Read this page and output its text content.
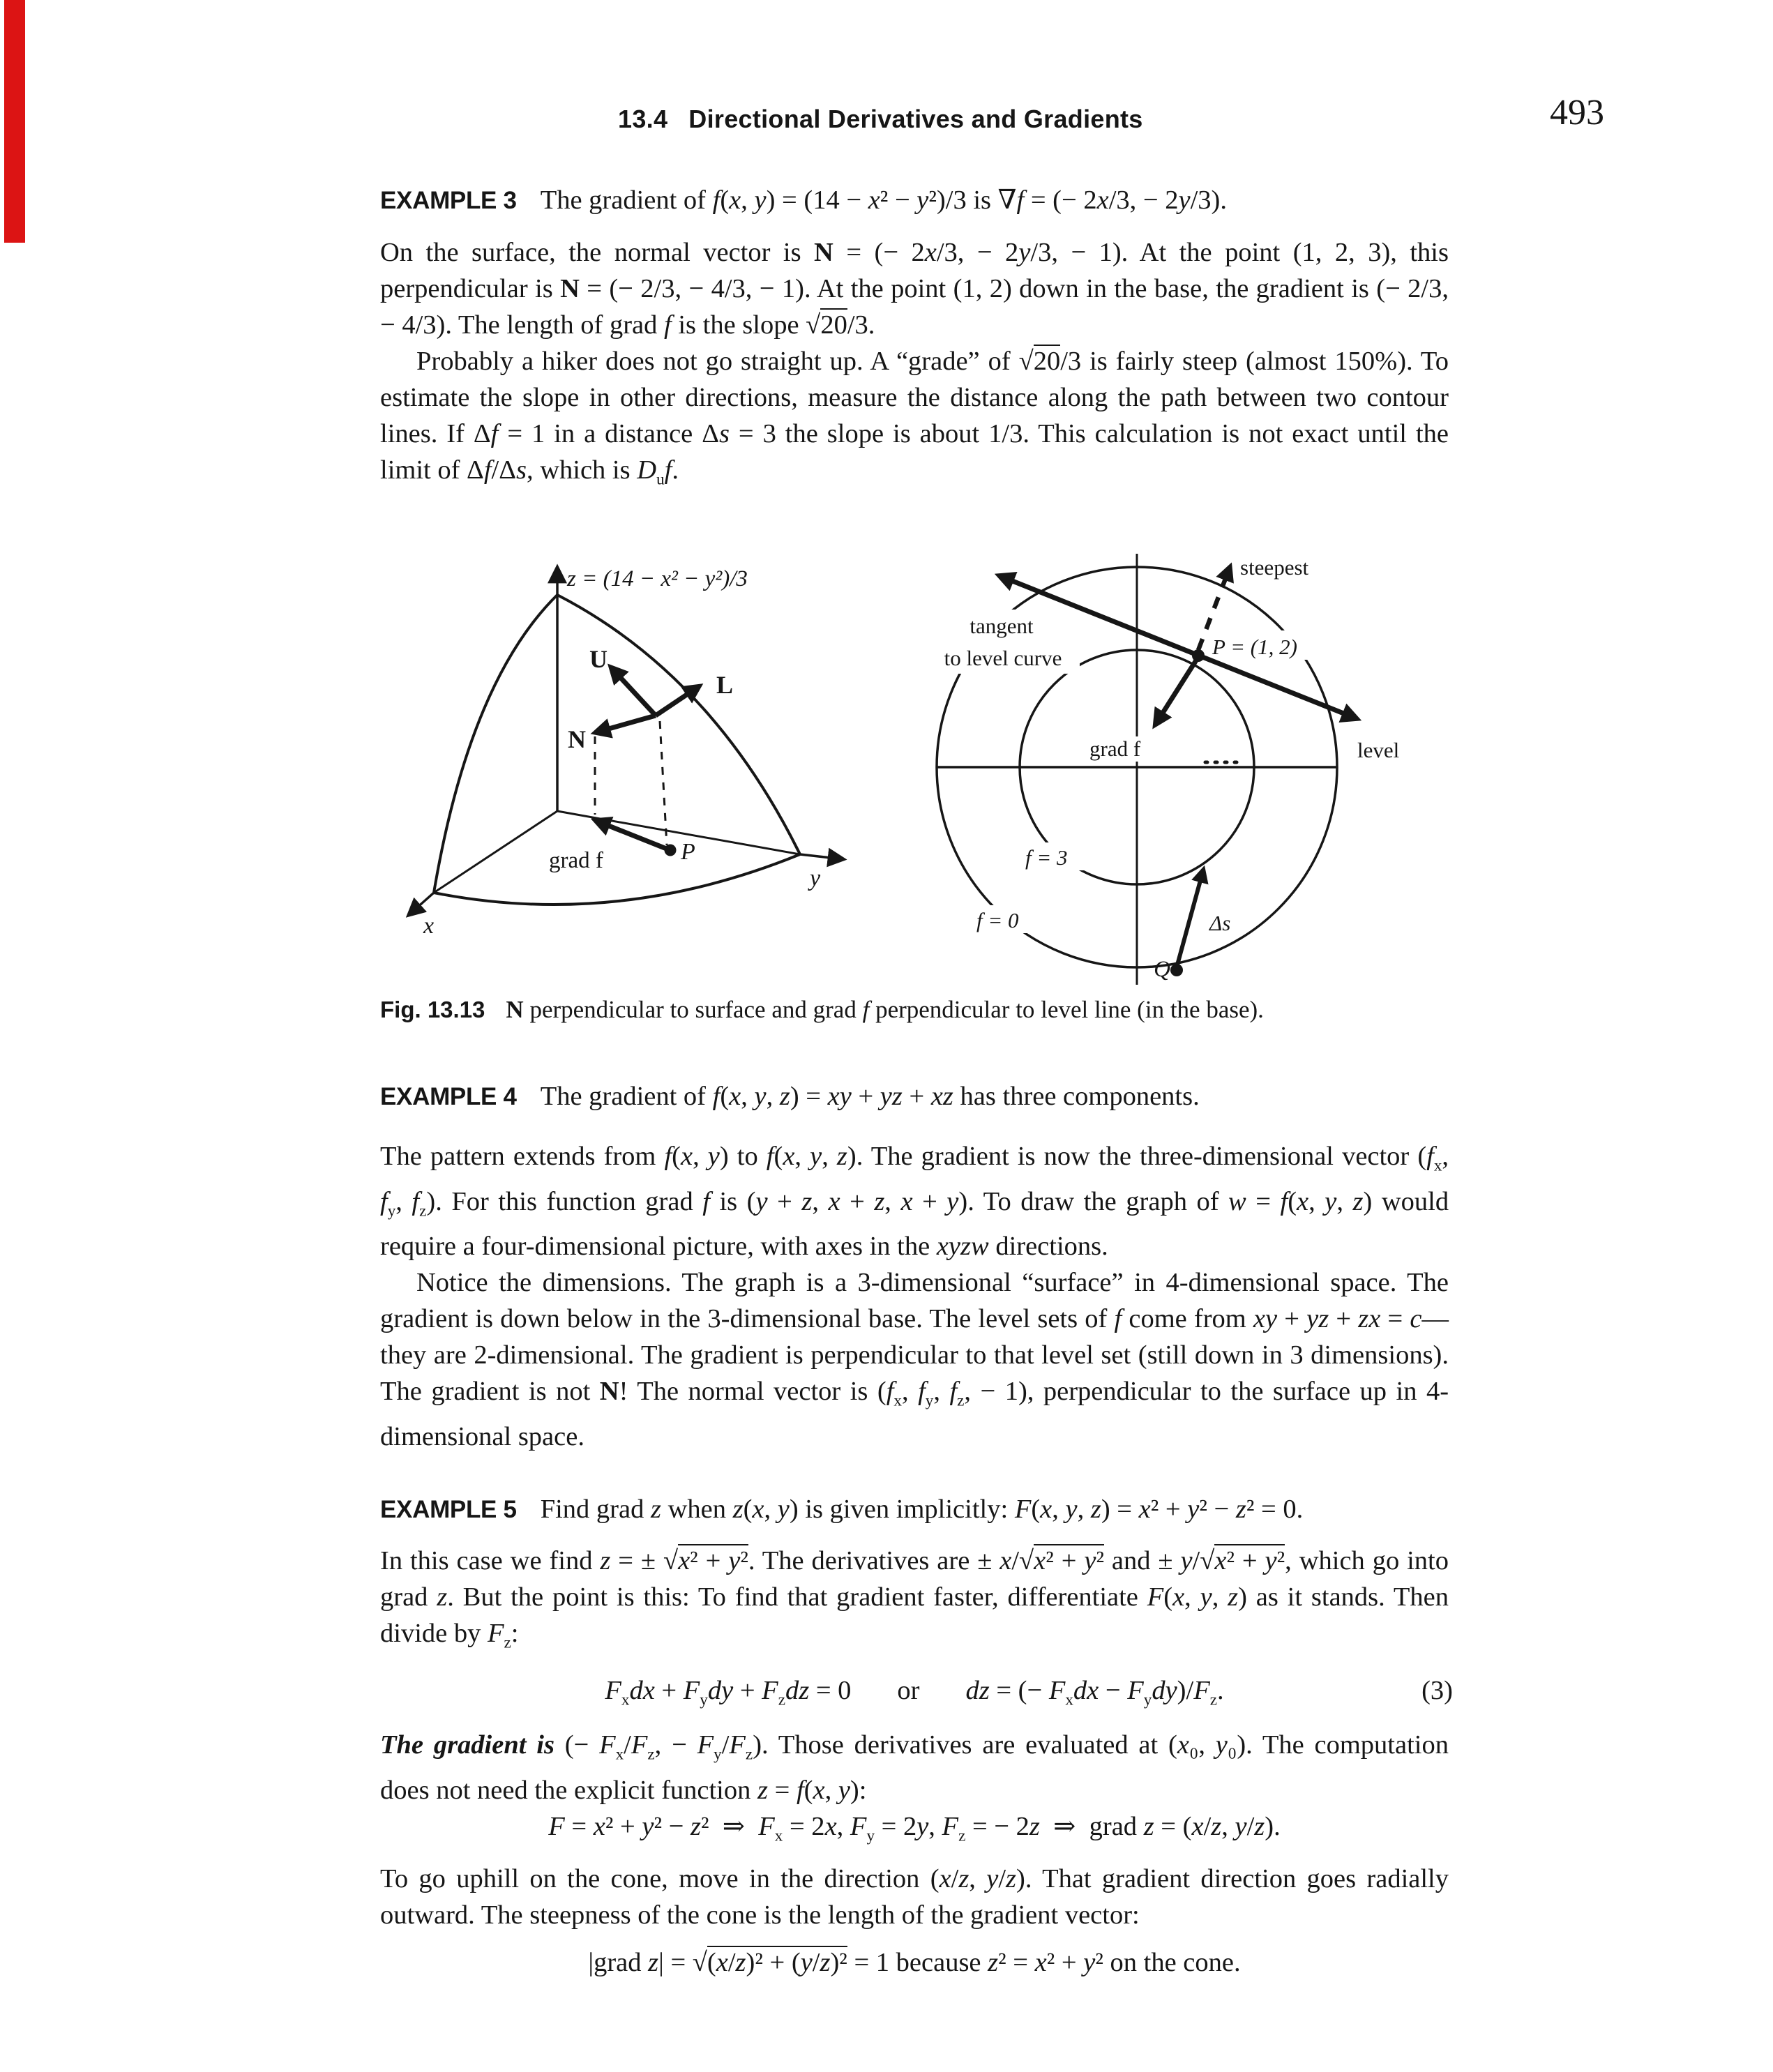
13.4 Directional Derivatives and Gradients	493
EXAMPLE 3 The gradient of f(x, y) = (14 − x² − y²)/3 is ∇f = (− 2x/3, − 2y/3).

On the surface, the normal vector is N = (− 2x/3, − 2y/3, − 1). At the point (1, 2, 3), this perpendicular is N = (− 2/3, − 4/3, − 1). At the point (1, 2) down in the base, the gradient is (− 2/3, − 4/3). The length of grad f is the slope √20/3.

Probably a hiker does not go straight up. A “grade” of √20/3 is fairly steep (almost 150%). To estimate the slope in other directions, measure the distance along the path between two contour lines. If Δf = 1 in a distance Δs = 3 the slope is about 1/3. This calculation is not exact until the limit of Δf/Δs, which is $D_uf$.

z = (14 − x² − y²)/3
U
L
N
grad f	P
x
y
steepest
tangent
to level curve	P = (1, 2)
grad f	level
f = 3
f = 0	Δs
Q
Fig. 13.13 N perpendicular to surface and grad f perpendicular to level line (in the base).
EXAMPLE 4 The gradient of f(x, y, z) = xy + yz + xz has three components.

The pattern extends from f(x, y) to f(x, y, z). The gradient is now the three-dimensional vector ($f_x$, $f_y$, $f_z$). For this function grad f is (y + z, x + z, x + y). To draw the graph of w = f(x, y, z) would require a four-dimensional picture, with axes in the xyzw directions.

Notice the dimensions. The graph is a 3-dimensional “surface” in 4-dimensional space. The gradient is down below in the 3-dimensional base. The level sets of f come from xy + yz + zx = c—they are 2-dimensional. The gradient is perpendicular to that level set (still down in 3 dimensions). The gradient is not N! The normal vector is ($f_x$, $f_y$, $f_z$, − 1), perpendicular to the surface up in 4-dimensional space.

EXAMPLE 5 Find grad z when z(x, y) is given implicitly: F(x, y, z) = x² + y² − z² = 0.

In this case we find z = ± √x² + y². The derivatives are ± x/√x² + y² and ± y/√x² + y², which go into grad z. But the point is this: To find that gradient faster, differentiate F(x, y, z) as it stands. Then divide by $F_z$:

$F_xdx + F_ydy + F_zdz = 0$ or dz = (− $F_xdx - F_ydy)/F_z$.	(3)

The gradient is (− $F_x/F_z$, − $F_y/F_z$). Those derivatives are evaluated at (x₀, y₀). The computation does not need the explicit function z = f(x, y):

F = x² + y² − z²  ⇒  $F_x = 2x$, $F_y = 2y$, $F_z$ = − 2z  ⇒  grad z = (x/z, y/z).

To go uphill on the cone, move in the direction (x/z, y/z). That gradient direction goes radially outward. The steepness of the cone is the length of the gradient vector:

|grad z| = √(x/z)² + (y/z)² = 1 because z² = x² + y² on the cone.
